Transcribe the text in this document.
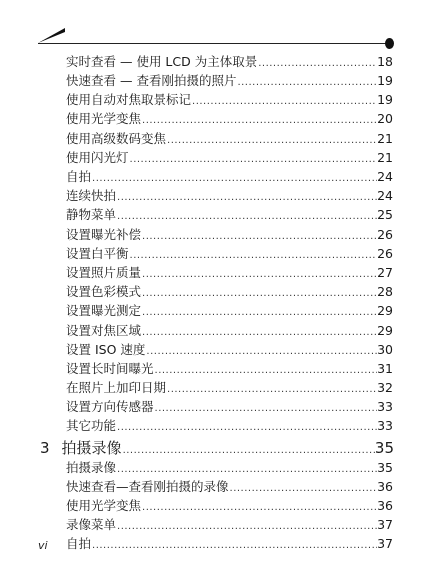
实时查看 — 使用 LCD 为主体取景 .....	18
快速查看 — 查看刚拍摄的照片 .....	19
使用自动对焦取景标记 .....	19
使用光学变焦 .....	20
使用高级数码变焦 .....	21
使用闪光灯 .....	21
自拍 .....	24
连续快拍 .....	24
静物菜单 .....	25
设置曝光补偿 .....	26
设置白平衡 .....	26
设置照片质量 .....	27
设置色彩模式 .....	28
设置曝光测定 .....	29
设置对焦区域 .....	29
设置 ISO 速度 .....	30
设置长时间曝光 .....	31
在照片上加印日期 .....	32
设置方向传感器 .....	33
其它功能 .....	33
3 拍摄录像 .....	35
拍摄录像 .....	35
快速查看—查看刚拍摄的录像 .....	36
使用光学变焦 .....	36
录像菜单 .....	37
自拍 .....	37
vi
